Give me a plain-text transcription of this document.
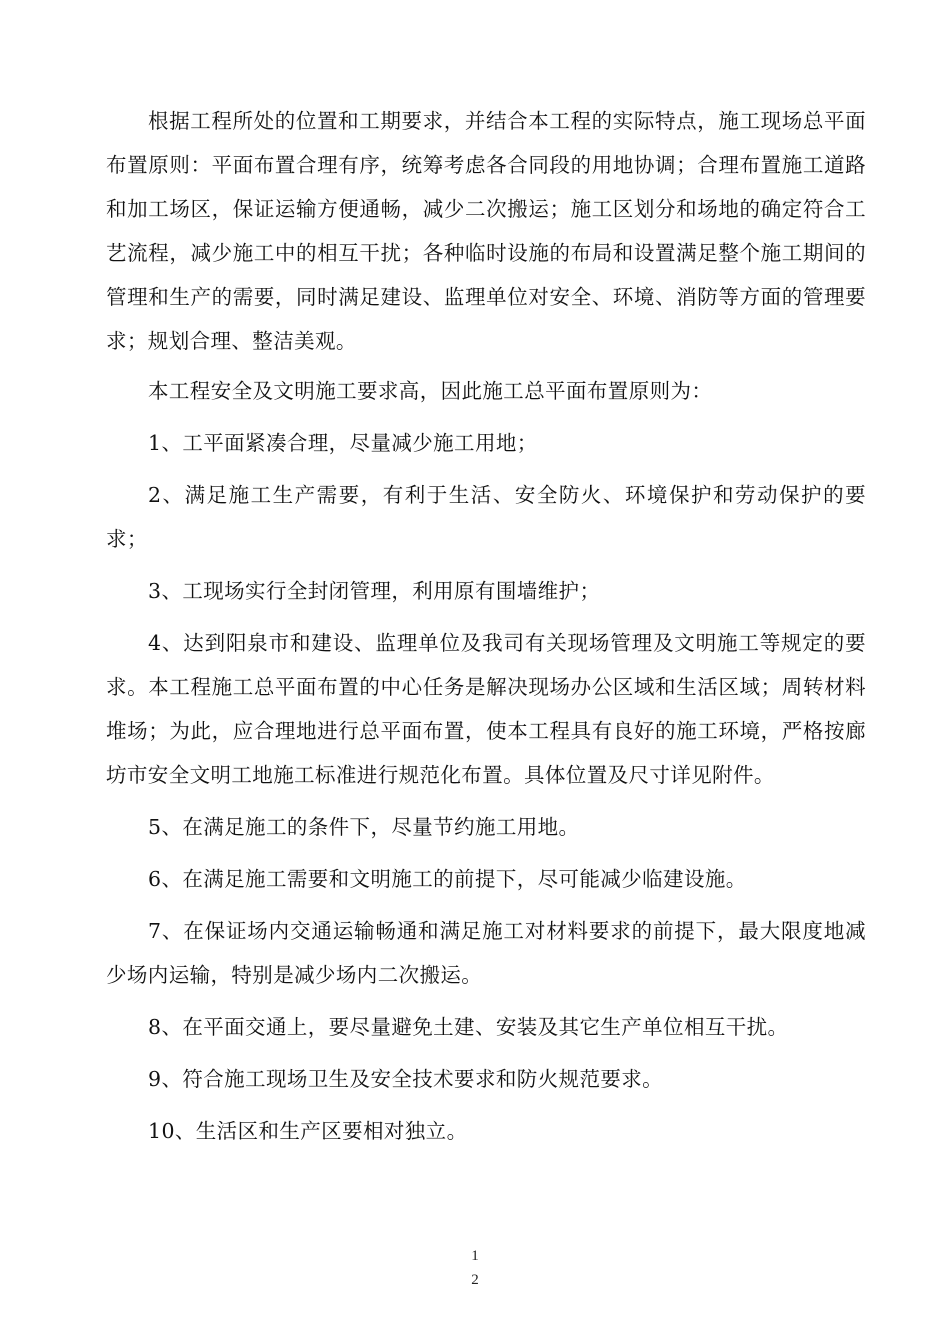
根据工程所处的位置和工期要求，并结合本工程的实际特点，施工现场总平面布置原则：平面布置合理有序，统筹考虑各合同段的用地协调；合理布置施工道路和加工场区，保证运输方便通畅，减少二次搬运；施工区划分和场地的确定符合工艺流程，减少施工中的相互干扰；各种临时设施的布局和设置满足整个施工期间的管理和生产的需要，同时满足建设、监理单位对安全、环境、消防等方面的管理要求；规划合理、整洁美观。

本工程安全及文明施工要求高，因此施工总平面布置原则为：

1、工平面紧凑合理，尽量减少施工用地；

2、满足施工生产需要，有利于生活、安全防火、环境保护和劳动保护的要求；

3、工现场实行全封闭管理，利用原有围墙维护；

4、达到阳泉市和建设、监理单位及我司有关现场管理及文明施工等规定的要求。本工程施工总平面布置的中心任务是解决现场办公区域和生活区域；周转材料堆场；为此，应合理地进行总平面布置，使本工程具有良好的施工环境，严格按廊坊市安全文明工地施工标准进行规范化布置。具体位置及尺寸详见附件。

5、在满足施工的条件下，尽量节约施工用地。

6、在满足施工需要和文明施工的前提下，尽可能减少临建设施。

7、在保证场内交通运输畅通和满足施工对材料要求的前提下，最大限度地减少场内运输，特别是减少场内二次搬运。

8、在平面交通上，要尽量避免土建、安装及其它生产单位相互干扰。

9、符合施工现场卫生及安全技术要求和防火规范要求。

10、生活区和生产区要相对独立。

1
2
